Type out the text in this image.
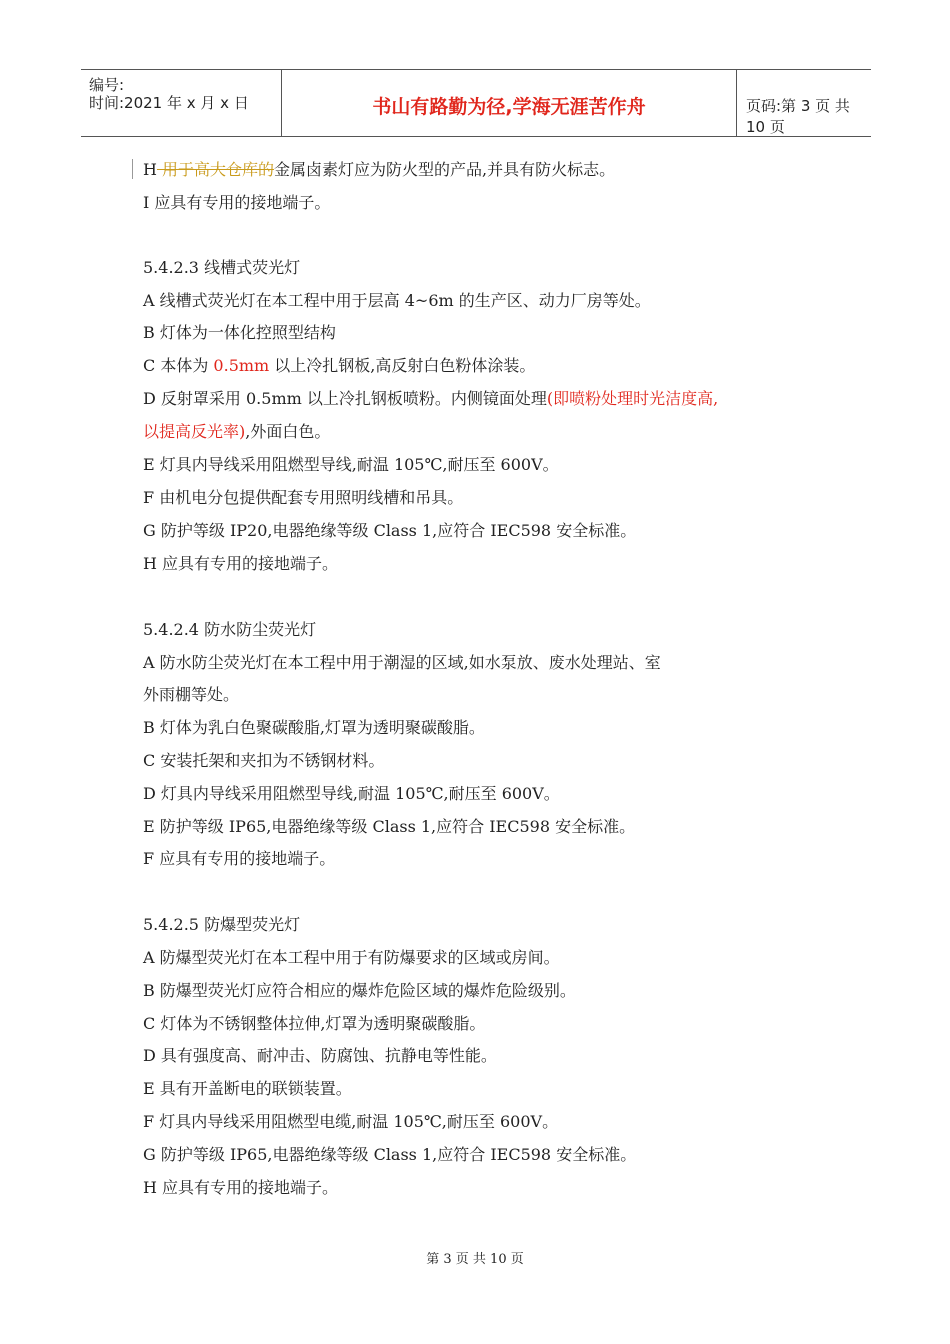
编号:
时间:2021 年 x 月 x 日	书山有路勤为径,学海无涯苦作舟	页码:第 3 页 共 10 页
H 用于高大仓库的金属卤素灯应为防火型的产品,并具有防火标志。
I 应具有专用的接地端子。
5.4.2.3 线槽式荧光灯
A 线槽式荧光灯在本工程中用于层高 4~6m 的生产区、动力厂房等处。
B 灯体为一体化控照型结构
C 本体为 0.5mm 以上冷扎钢板,高反射白色粉体涂装。
D 反射罩采用 0.5mm 以上冷扎钢板喷粉。内侧镜面处理(即喷粉处理时光洁度高,
以提高反光率),外面白色。
E 灯具内导线采用阻燃型导线,耐温 105℃,耐压至 600V。
F 由机电分包提供配套专用照明线槽和吊具。
G 防护等级 IP20,电器绝缘等级 Class 1,应符合 IEC598 安全标准。
H 应具有专用的接地端子。
5.4.2.4 防水防尘荧光灯
A 防水防尘荧光灯在本工程中用于潮湿的区域,如水泵放、废水处理站、室
外雨棚等处。
B 灯体为乳白色聚碳酸脂,灯罩为透明聚碳酸脂。
C 安装托架和夹扣为不锈钢材料。
D 灯具内导线采用阻燃型导线,耐温 105℃,耐压至 600V。
E 防护等级 IP65,电器绝缘等级 Class 1,应符合 IEC598 安全标准。
F 应具有专用的接地端子。
5.4.2.5 防爆型荧光灯
A 防爆型荧光灯在本工程中用于有防爆要求的区域或房间。
B 防爆型荧光灯应符合相应的爆炸危险区域的爆炸危险级别。
C 灯体为不锈钢整体拉伸,灯罩为透明聚碳酸脂。
D 具有强度高、耐冲击、防腐蚀、抗静电等性能。
E 具有开盖断电的联锁装置。
F 灯具内导线采用阻燃型电缆,耐温 105℃,耐压至 600V。
G 防护等级 IP65,电器绝缘等级 Class 1,应符合 IEC598 安全标准。
H 应具有专用的接地端子。
第 3 页 共 10 页
